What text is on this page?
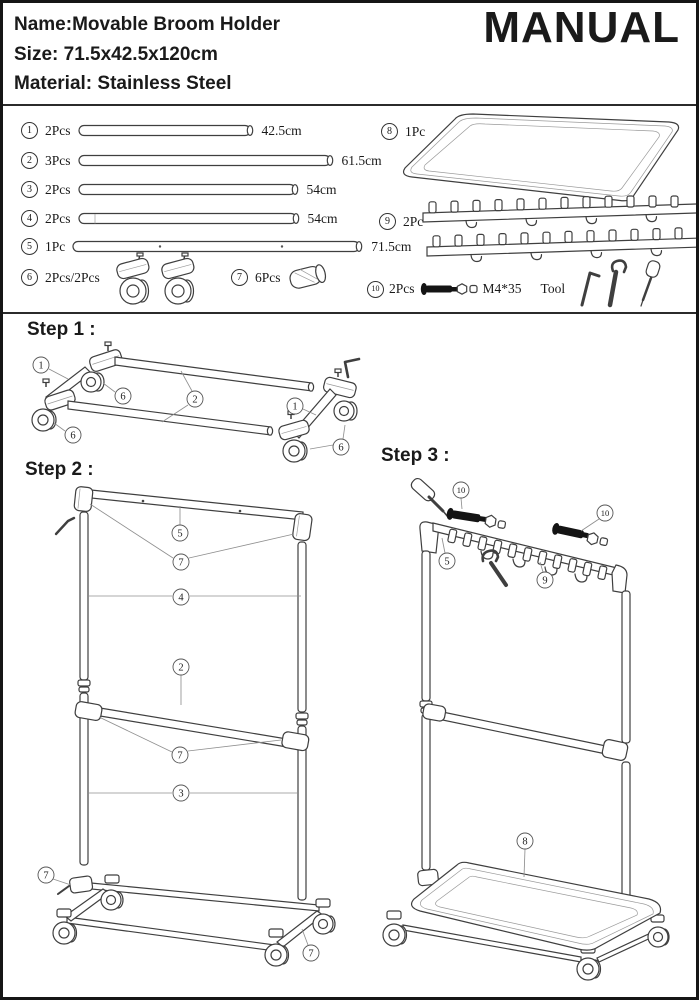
Name:Movable Broom Holder
Size: 71.5x42.5x120cm
Material: Stainless Steel
MANUAL
1 2Pcs	42.5cm
2 3Pcs	61.5cm
3 2Pcs	54cm
4 2Pcs	54cm
5 1Pc	71.5cm
6 2Pcs/2Pcs	7 6Pcs
8 1Pc
9 2Pc
10 2Pcs	M4*35 Tool
Step 1 :
1
6
6
2
1
6
Step 2 :
5
7
4
2
7
3
7
7
Step 3 :
10
10
5
9
8
